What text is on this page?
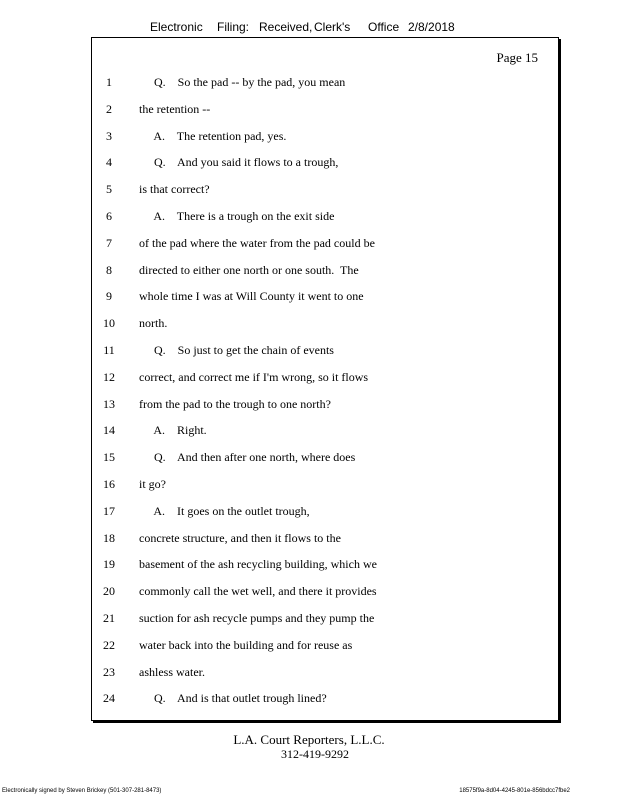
Electronic Filing: Received, Clerk's Office 2/8/2018
Page 15
1	Q.    So the pad -- by the pad, you mean
2	the retention --
3	A.    The retention pad, yes.
4	Q.    And you said it flows to a trough,
5	is that correct?
6	A.    There is a trough on the exit side
7	of the pad where the water from the pad could be
8	directed to either one north or one south.  The
9	whole time I was at Will County it went to one
10	north.
11	Q.    So just to get the chain of events
12	correct, and correct me if I'm wrong, so it flows
13	from the pad to the trough to one north?
14	A.    Right.
15	Q.    And then after one north, where does
16	it go?
17	A.    It goes on the outlet trough,
18	concrete structure, and then it flows to the
19	basement of the ash recycling building, which we
20	commonly call the wet well, and there it provides
21	suction for ash recycle pumps and they pump the
22	water back into the building and for reuse as
23	ashless water.
24	Q.    And is that outlet trough lined?
L.A. Court Reporters, L.L.C.
312-419-9292
Electronically signed by Steven Brickey (501-307-281-8473)	18575f9a-8d04-4245-801e-856bdcc7fbe2
